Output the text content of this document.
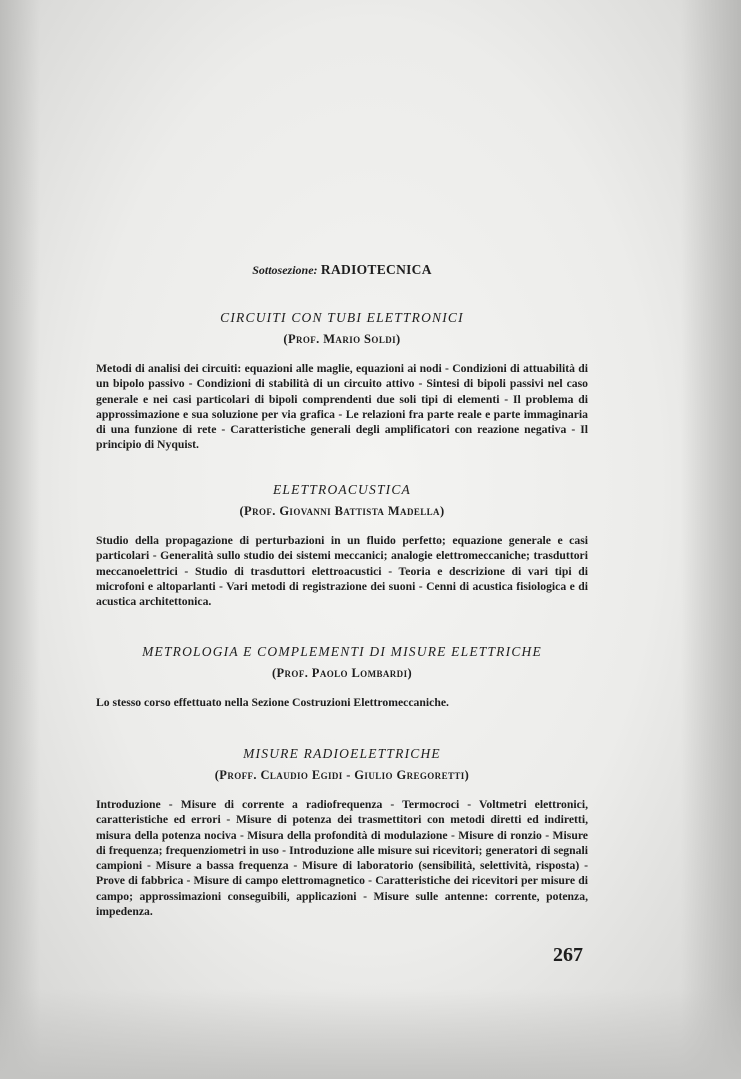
Sottosezione: RADIOTECNICA
CIRCUITI CON TUBI ELETTRONICI
(Prof. Mario Soldi)

Metodi di analisi dei circuiti: equazioni alle maglie, equazioni ai nodi - Condizioni di attuabilità di un bipolo passivo - Condizioni di stabilità di un circuito attivo - Sintesi di bipoli passivi nel caso generale e nei casi particolari di bipoli comprendenti due soli tipi di elementi - Il problema di approssimazione e sua soluzione per via grafica - Le relazioni fra parte reale e parte immaginaria di una funzione di rete - Caratteristiche generali degli amplificatori con reazione negativa - Il principio di Nyquist.

ELETTROACUSTICA
(Prof. Giovanni Battista Madella)

Studio della propagazione di perturbazioni in un fluido perfetto; equazione generale e casi particolari - Generalità sullo studio dei sistemi meccanici; analogie elettromeccaniche; trasduttori meccanoelettrici - Studio di trasduttori elettroacustici - Teoria e descrizione di vari tipi di microfoni e altoparlanti - Vari metodi di registrazione dei suoni - Cenni di acustica fisiologica e di acustica architettonica.

METROLOGIA E COMPLEMENTI DI MISURE ELETTRICHE
(Prof. Paolo Lombardi)

Lo stesso corso effettuato nella Sezione Costruzioni Elettromeccaniche.

MISURE RADIOELETTRICHE
(Proff. Claudio Egidi - Giulio Gregoretti)

Introduzione - Misure di corrente a radiofrequenza - Termocroci - Voltmetri elettronici, caratteristiche ed errori - Misure di potenza dei trasmettitori con metodi diretti ed indiretti, misura della potenza nociva - Misura della profondità di modulazione - Misure di ronzio - Misure di frequenza; frequenziometri in uso - Introduzione alle misure sui ricevitori; generatori di segnali campioni - Misure a bassa frequenza - Misure di laboratorio (sensibilità, selettività, risposta) - Prove di fabbrica - Misure di campo elettromagnetico - Caratteristiche dei ricevitori per misure di campo; approssimazioni conseguibili, applicazioni - Misure sulle antenne: corrente, potenza, impedenza.

267
